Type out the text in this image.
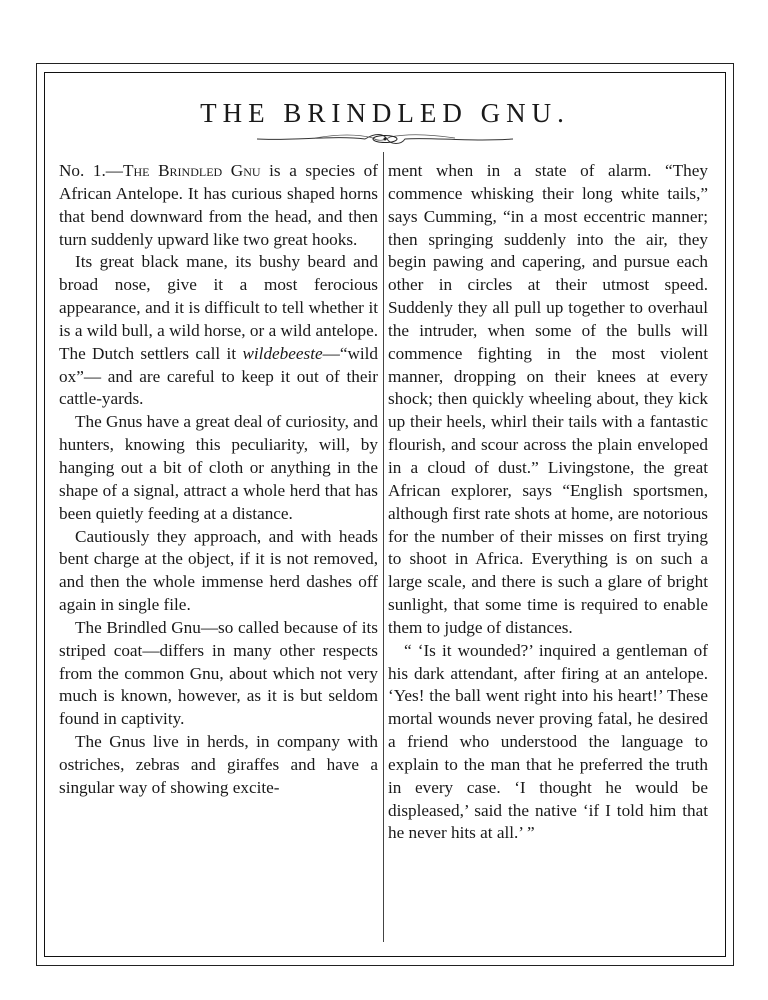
THE BRINDLED GNU.

No. 1.—The Brindled Gnu is a species of African Antelope. It has curious shaped horns that bend downward from the head, and then turn suddenly upward like two great hooks.

Its great black mane, its bushy beard and broad nose, give it a most ferocious appearance, and it is difficult to tell whether it is a wild bull, a wild horse, or a wild antelope. The Dutch settlers call it wildebeeste—“wild ox”— and are careful to keep it out of their cattle-yards.

The Gnus have a great deal of curiosity, and hunters, knowing this peculiarity, will, by hanging out a bit of cloth or anything in the shape of a signal, attract a whole herd that has been quietly feeding at a distance.

Cautiously they approach, and with heads bent charge at the object, if it is not removed, and then the whole immense herd dashes off again in single file.

The Brindled Gnu—so called because of its striped coat—differs in many other respects from the common Gnu, about which not very much is known, however, as it is but seldom found in captivity.

The Gnus live in herds, in company with ostriches, zebras and giraffes and have a singular way of showing excite-

ment when in a state of alarm. “They commence whisking their long white tails,” says Cumming, “in a most eccentric manner; then springing suddenly into the air, they begin pawing and capering, and pursue each other in circles at their utmost speed. Suddenly they all pull up together to overhaul the intruder, when some of the bulls will commence fighting in the most violent manner, dropping on their knees at every shock; then quickly wheeling about, they kick up their heels, whirl their tails with a fantastic flourish, and scour across the plain enveloped in a cloud of dust.” Livingstone, the great African explorer, says “English sportsmen, although first rate shots at home, are notorious for the number of their misses on first trying to shoot in Africa. Everything is on such a large scale, and there is such a glare of bright sunlight, that some time is required to enable them to judge of distances.

“ ‘Is it wounded?’ inquired a gentleman of his dark attendant, after firing at an antelope. ‘Yes! the ball went right into his heart!’ These mortal wounds never proving fatal, he desired a friend who understood the language to explain to the man that he preferred the truth in every case. ‘I thought he would be displeased,’ said the native ‘if I told him that he never hits at all.’ ”
